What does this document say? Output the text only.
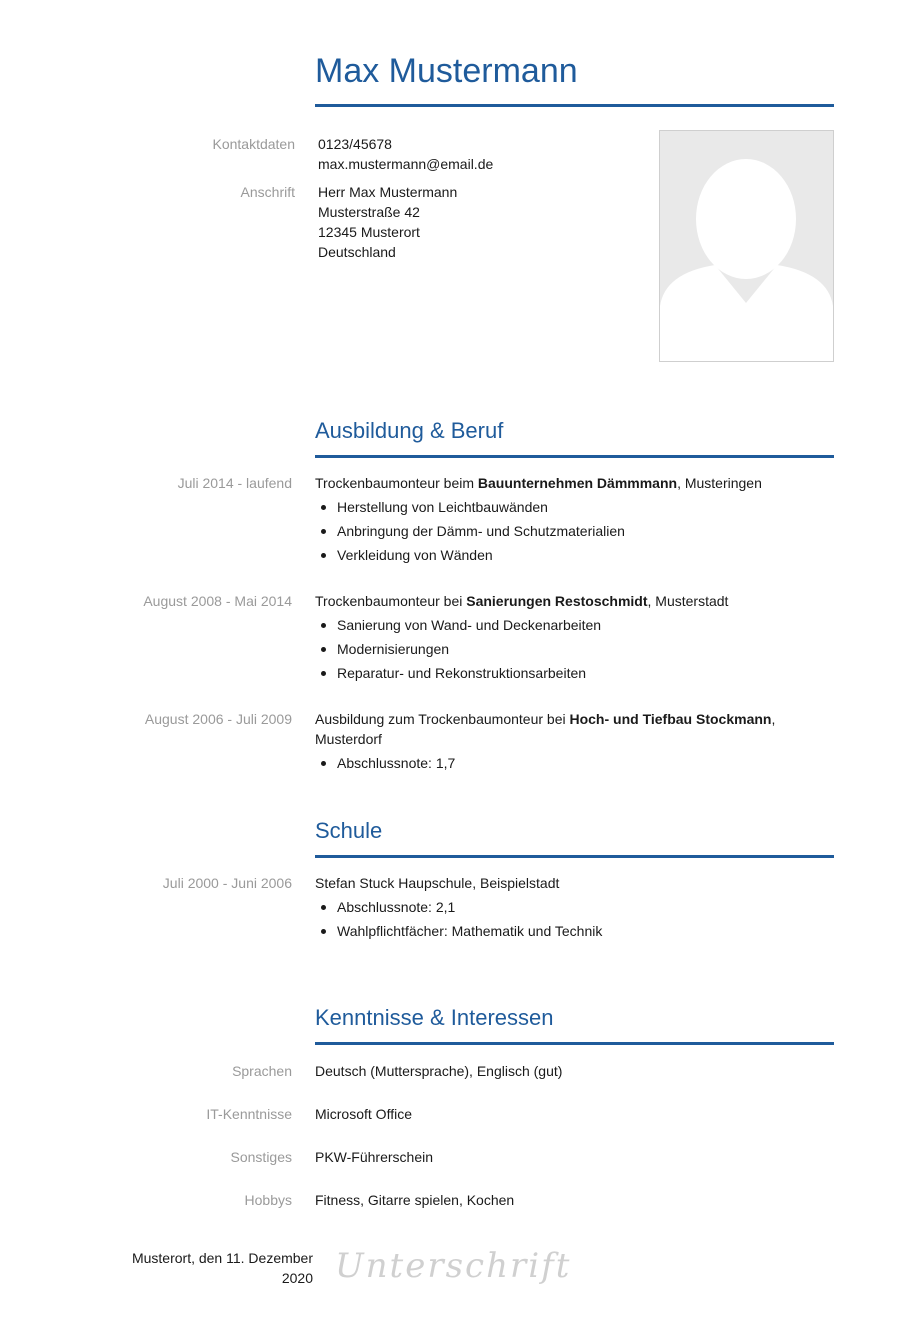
Max Mustermann
Kontaktdaten 0123/45678
max.mustermann@email.de
Anschrift Herr Max Mustermann
Musterstraße 42
12345 Musterort
Deutschland
Ausbildung & Beruf
Juli 2014 - laufend Trockenbaumonteur beim Bauunternehmen Dämmmann, Musteringen
Herstellung von Leichtbauwänden
Anbringung der Dämm- und Schutzmaterialien
Verkleidung von Wänden
August 2008 - Mai 2014 Trockenbaumonteur bei Sanierungen Restoschmidt, Musterstadt
Sanierung von Wand- und Deckenarbeiten
Modernisierungen
Reparatur- und Rekonstruktionsarbeiten
August 2006 - Juli 2009 Ausbildung zum Trockenbaumonteur bei Hoch- und Tiefbau Stockmann, Musterdorf
Abschlussnote: 1,7
Schule
Juli 2000 - Juni 2006 Stefan Stuck Haupschule, Beispielstadt
Abschlussnote: 2,1
Wahlpflichtfächer: Mathematik und Technik
Kenntnisse & Interessen
Sprachen Deutsch (Muttersprache), Englisch (gut)
IT-Kenntnisse Microsoft Office
Sonstiges PKW-Führerschein
Hobbys Fitness, Gitarre spielen, Kochen
Musterort, den 11. Dezember
2020 Unterschrift
